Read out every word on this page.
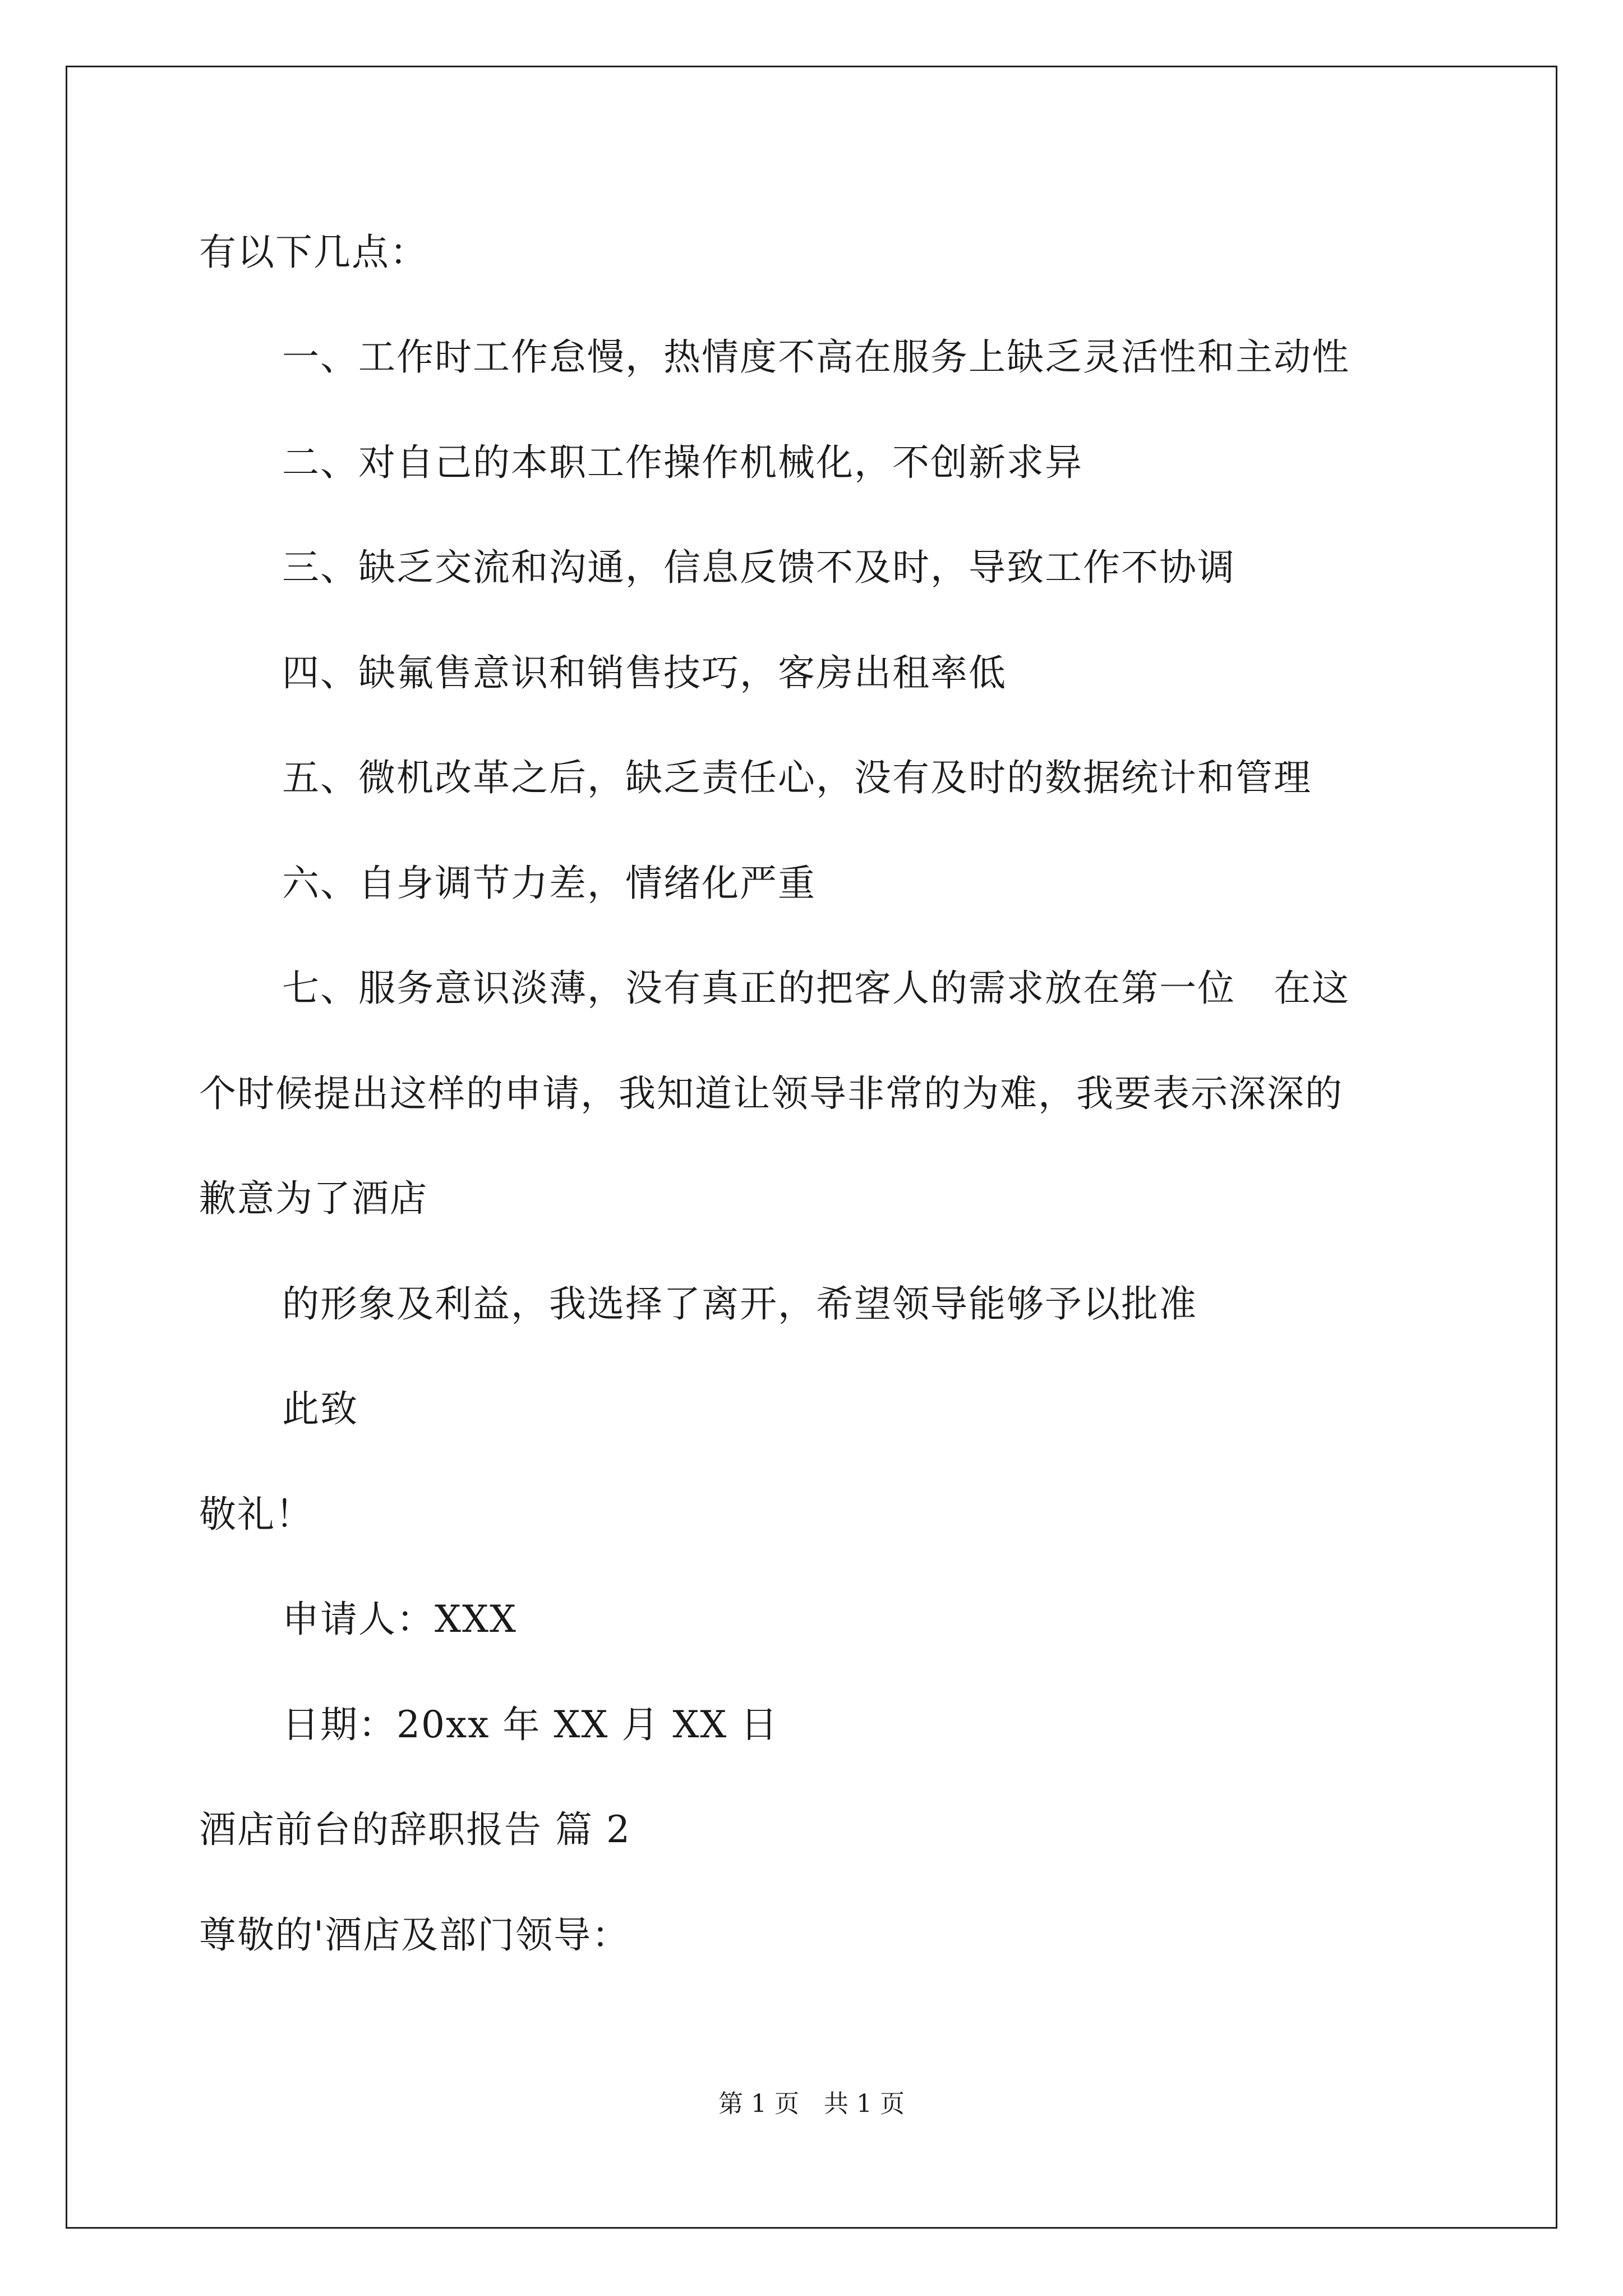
有以下几点：
一、工作时工作怠慢，热情度不高在服务上缺乏灵活性和主动性
二、对自己的本职工作操作机械化，不创新求异
三、缺乏交流和沟通，信息反馈不及时，导致工作不协调
四、缺氟售意识和销售技巧，客房出租率低
五、微机改革之后，缺乏责任心，没有及时的数据统计和管理
六、自身调节力差，情绪化严重
七、服务意识淡薄，没有真正的把客人的需求放在第一位　在这
个时候提出这样的申请，我知道让领导非常的为难，我要表示深深的
歉意为了酒店
的形象及利益，我选择了离开，希望领导能够予以批准
此致
敬礼！
申请人：XXX
日期：20xx 年 XX 月 XX 日
酒店前台的辞职报告 篇 2
尊敬的'酒店及部门领导：
第 1 页　共 1 页
